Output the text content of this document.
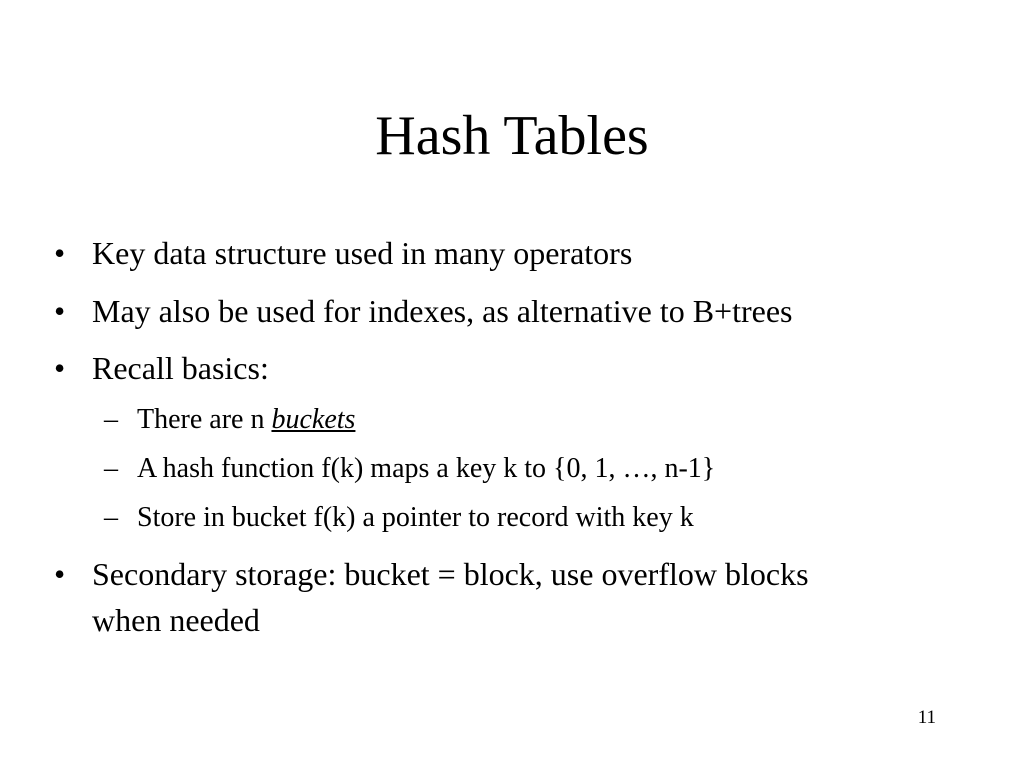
Hash Tables
• Key data structure used in many operators
• May also be used for indexes, as alternative to B+trees
• Recall basics:
– There are n buckets
– A hash function f(k) maps a key k to {0, 1, …, n-1}
– Store in bucket f(k) a pointer to record with key k
• Secondary storage: bucket = block, use overflow blocks when needed
11
